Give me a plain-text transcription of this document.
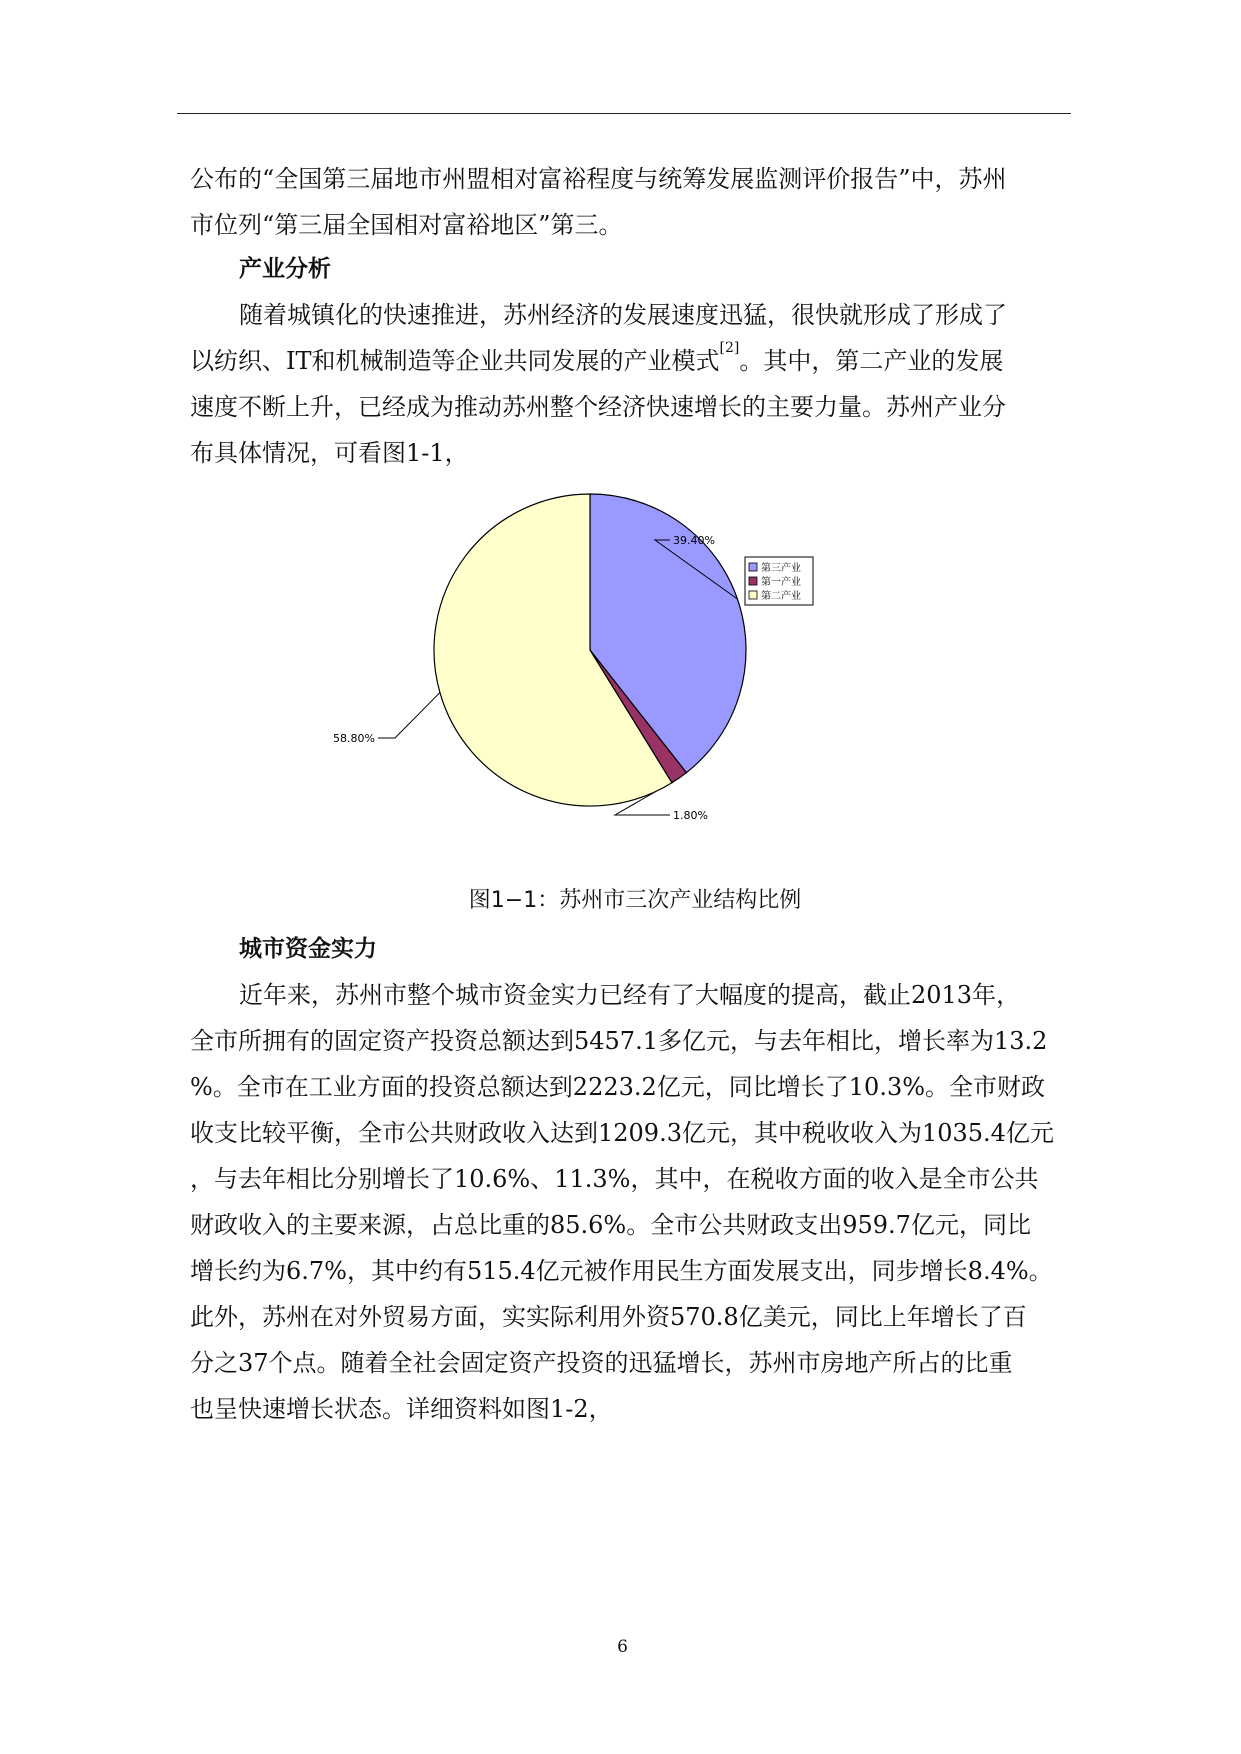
公布的“全国第三届地市州盟相对富裕程度与统筹发展监测评价报告”中，苏州
市位列“第三届全国相对富裕地区”第三。
产业分析
随着城镇化的快速推进，苏州经济的发展速度迅猛，很快就形成了形成了
以纺织、IT和机械制造等企业共同发展的产业模式[2]。其中，第二产业的发展
速度不断上升，已经成为推动苏州整个经济快速增长的主要力量。苏州产业分
布具体情况，可看图1-1，
39.40%
1.80%
58.80%
第三产业
第一产业
第二产业
图1−1：苏州市三次产业结构比例
城市资金实力
近年来，苏州市整个城市资金实力已经有了大幅度的提高，截止2013年，
全市所拥有的固定资产投资总额达到5457.1多亿元，与去年相比，增长率为13.2
%。全市在工业方面的投资总额达到2223.2亿元，同比增长了10.3%。全市财政
收支比较平衡，全市公共财政收入达到1209.3亿元，其中税收收入为1035.4亿元
，与去年相比分别增长了10.6%、11.3%，其中，在税收方面的收入是全市公共
财政收入的主要来源，占总比重的85.6%。全市公共财政支出959.7亿元，同比
增长约为6.7%，其中约有515.4亿元被作用民生方面发展支出，同步增长8.4%。
此外，苏州在对外贸易方面，实实际利用外资570.8亿美元，同比上年增长了百
分之37个点。随着全社会固定资产投资的迅猛增长，苏州市房地产所占的比重
也呈快速增长状态。详细资料如图1-2，
6
